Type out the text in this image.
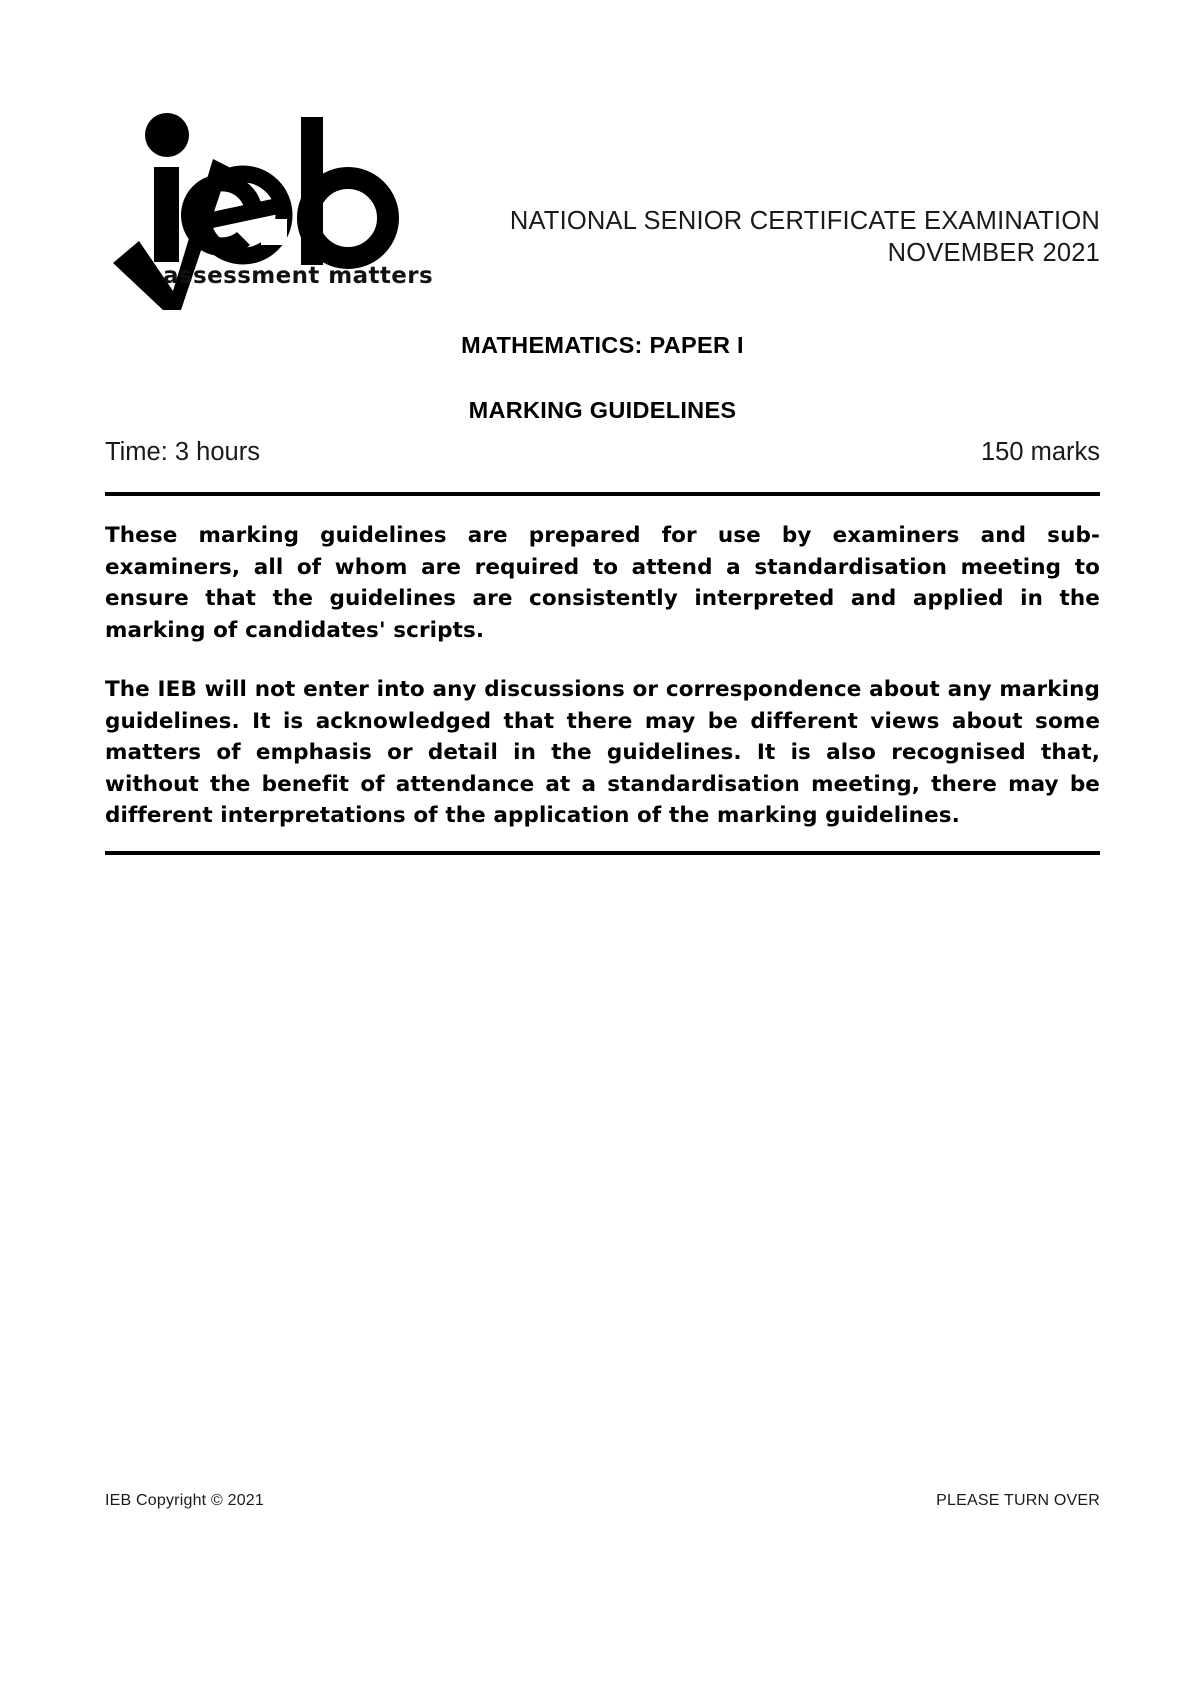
assessment matters
NATIONAL SENIOR CERTIFICATE EXAMINATION
NOVEMBER 2021
MATHEMATICS: PAPER I
MARKING GUIDELINES
Time: 3 hours	150 marks

These marking guidelines are prepared for use by examiners and sub-examiners, all of whom are required to attend a standardisation meeting to ensure that the guidelines are consistently interpreted and applied in the marking of candidates' scripts.

The IEB will not enter into any discussions or correspondence about any marking guidelines. It is acknowledged that there may be different views about some matters of emphasis or detail in the guidelines. It is also recognised that, without the benefit of attendance at a standardisation meeting, there may be different interpretations of the application of the marking guidelines.

IEB Copyright © 2021	PLEASE TURN OVER
